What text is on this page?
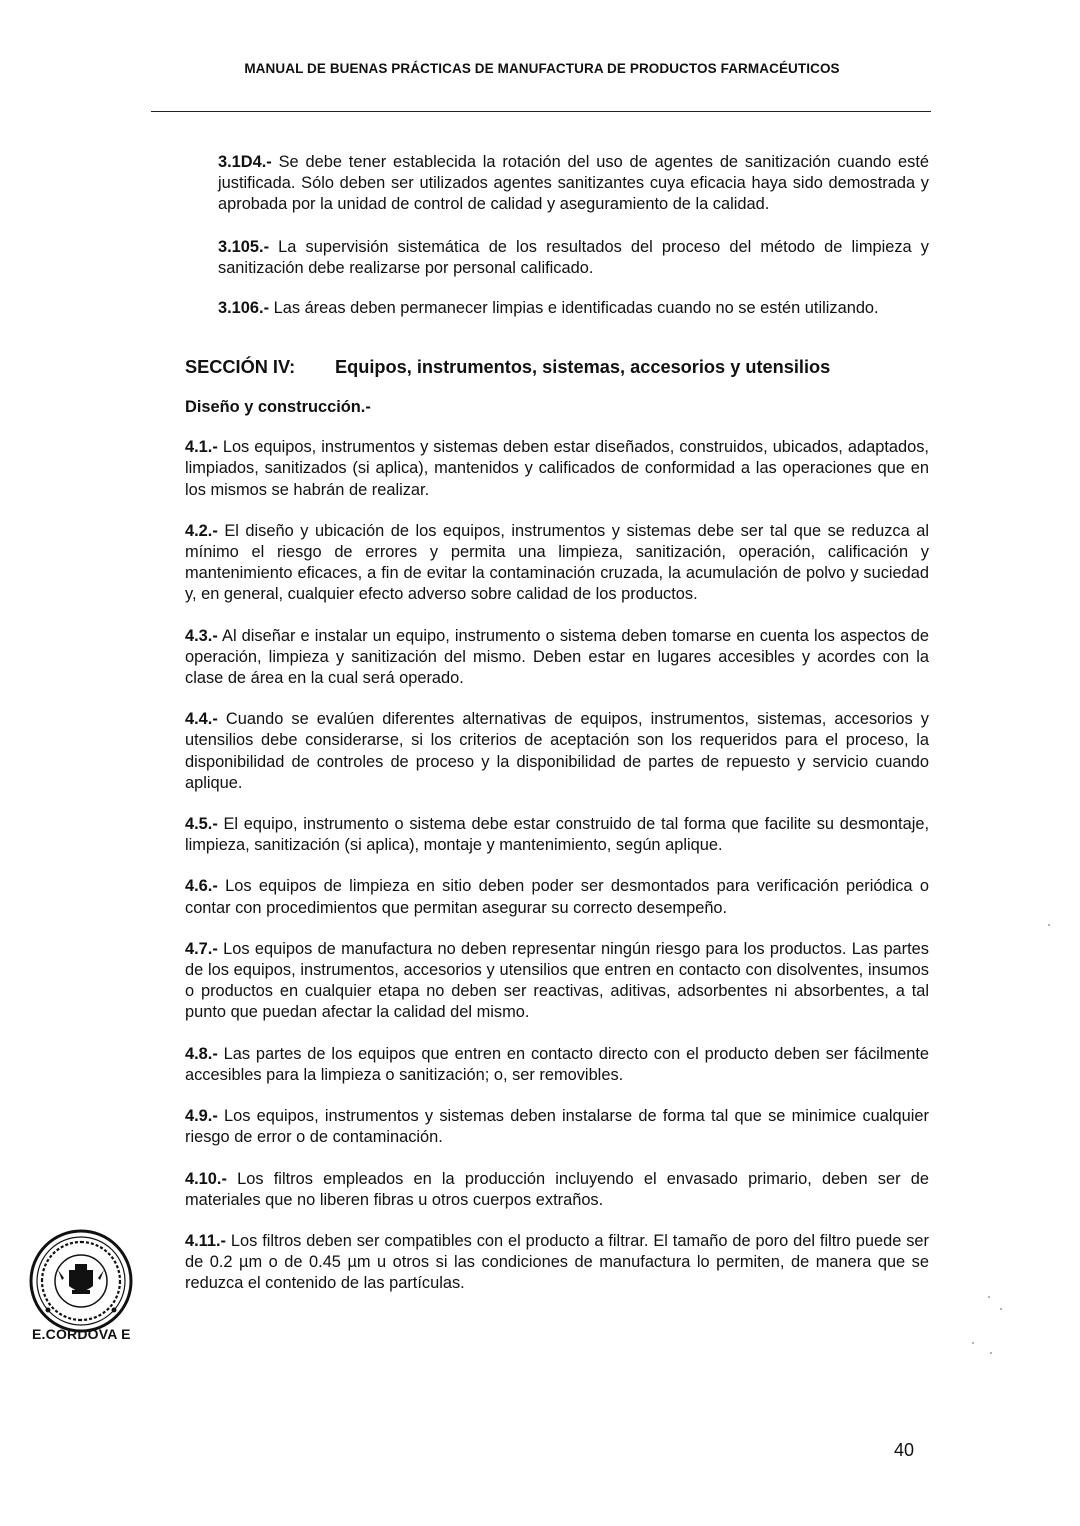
MANUAL DE BUENAS PRÁCTICAS DE MANUFACTURA DE PRODUCTOS FARMACÉUTICOS

3.1D4.- Se debe tener establecida la rotación del uso de agentes de sanitización cuando esté justificada. Sólo deben ser utilizados agentes sanitizantes cuya eficacia haya sido demostrada y aprobada por la unidad de control de calidad y aseguramiento de la calidad.

3.105.- La supervisión sistemática de los resultados del proceso del método de limpieza y sanitización debe realizarse por personal calificado.

3.106.- Las áreas deben permanecer limpias e identificadas cuando no se estén utilizando.

SECCIÓN IV: Equipos, instrumentos, sistemas, accesorios y utensilios
Diseño y construcción.-

4.1.- Los equipos, instrumentos y sistemas deben estar diseñados, construidos, ubicados, adaptados, limpiados, sanitizados (si aplica), mantenidos y calificados de conformidad a las operaciones que en los mismos se habrán de realizar.

4.2.- El diseño y ubicación de los equipos, instrumentos y sistemas debe ser tal que se reduzca al mínimo el riesgo de errores y permita una limpieza, sanitización, operación, calificación y mantenimiento eficaces, a fin de evitar la contaminación cruzada, la acumulación de polvo y suciedad y, en general, cualquier efecto adverso sobre calidad de los productos.

4.3.- Al diseñar e instalar un equipo, instrumento o sistema deben tomarse en cuenta los aspectos de operación, limpieza y sanitización del mismo. Deben estar en lugares accesibles y acordes con la clase de área en la cual será operado.

4.4.- Cuando se evalúen diferentes alternativas de equipos, instrumentos, sistemas, accesorios y utensilios debe considerarse, si los criterios de aceptación son los requeridos para el proceso, la disponibilidad de controles de proceso y la disponibilidad de partes de repuesto y servicio cuando aplique.

4.5.- El equipo, instrumento o sistema debe estar construido de tal forma que facilite su desmontaje, limpieza, sanitización (si aplica), montaje y mantenimiento, según aplique.

4.6.- Los equipos de limpieza en sitio deben poder ser desmontados para verificación periódica o contar con procedimientos que permitan asegurar su correcto desempeño.

4.7.- Los equipos de manufactura no deben representar ningún riesgo para los productos. Las partes de los equipos, instrumentos, accesorios y utensilios que entren en contacto con disolventes, insumos o productos en cualquier etapa no deben ser reactivas, aditivas, adsorbentes ni absorbentes, a tal punto que puedan afectar la calidad del mismo.

4.8.- Las partes de los equipos que entren en contacto directo con el producto deben ser fácilmente accesibles para la limpieza o sanitización; o, ser removibles.

4.9.- Los equipos, instrumentos y sistemas deben instalarse de forma tal que se minimice cualquier riesgo de error o de contaminación.

4.10.- Los filtros empleados en la producción incluyendo el envasado primario, deben ser de materiales que no liberen fibras u otros cuerpos extraños.

4.11.- Los filtros deben ser compatibles con el producto a filtrar. El tamaño de poro del filtro puede ser de 0.2 µm o de 0.45 µm u otros si las condiciones de manufactura lo permiten, de manera que se reduzca el contenido de las partículas.

E.CÓRDOVA E
40
